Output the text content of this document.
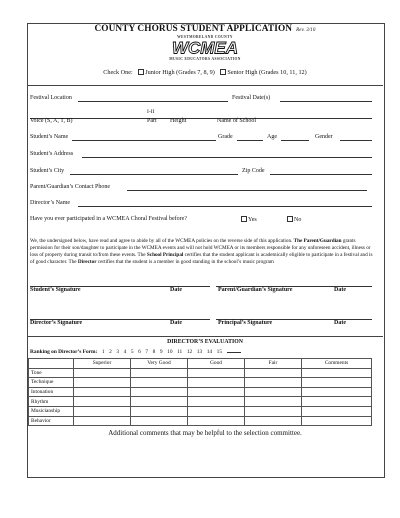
COUNTY CHORUS STUDENT APPLICATION Rev. 3/10
WESTMORELAND COUNTY
WCMEA
MUSIC EDUCATORS ASSOCIATION
Check One: Junior High (Grades 7, 8, 9) Senior High (Grades 10, 11, 12)
Festival Location	Festival Date(s)
I-II
Voice (S, A, T, B)	Part Height	Name of School
Student’s Name	Grade	Age	Gender
Student’s Address
Student’s City	Zip Code
Parent/Guardian’s Contact Phone
Director’s Name
Have you ever participated in a WCMEA Choral Festival before?	Yes	No
We, the undersigned below, have read and agree to abide by all of the WCMEA policies on the reverse side of this application. The Parent/Guardian grants permission for their son/daughter to participate in the WCMEA events and will not hold WCMEA or its members responsible for any unforeseen accident, illness or loss of property during transit to/from these events. The School Principal certifies that the student applicant is academically eligible to participate in a festival and is of good character. The Director certifies that the student is a member in good standing in the school’s music program
Student’s Signature	Date	Parent/Guardian’s Signature	Date
Director’s Signature	Date	Principal’s Signature	Date
DIRECTOR’S EVALUATION
Ranking on Director’s Form: 1 2 3 4 5 6 7 8 9 10 11 12 13 14 15
	Superior	Very Good	Good	Fair	Comments
Tone					
Technique					
Intonation					
Rhythm					
Musicianship					
Behavior					
Additional comments that may be helpful to the selection committee.
